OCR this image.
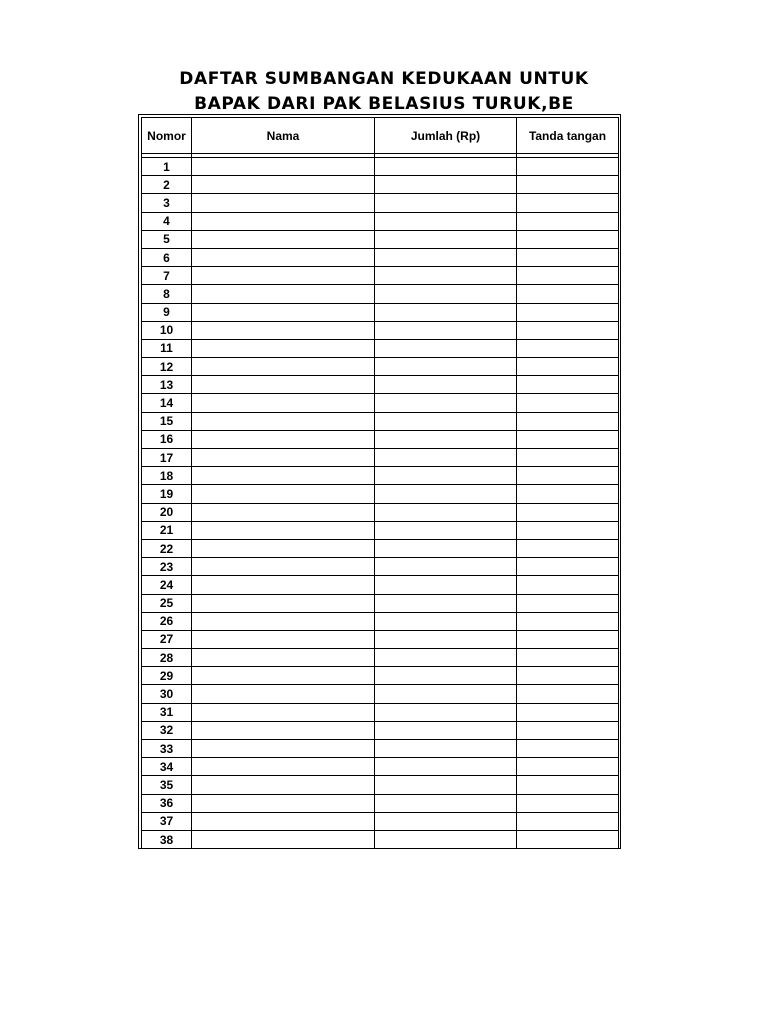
DAFTAR SUMBANGAN KEDUKAAN UNTUK
BAPAK DARI PAK BELASIUS TURUK,BE
Nomor	Nama	Jumlah (Rp)	Tanda tangan

1			
2			
3			
4			
5			
6			
7			
8			
9			
10			
11			
12			
13			
14			
15			
16			
17			
18			
19			
20			
21			
22			
23			
24			
25			
26			
27			
28			
29			
30			
31			
32			
33			
34			
35			
36			
37			
38			
